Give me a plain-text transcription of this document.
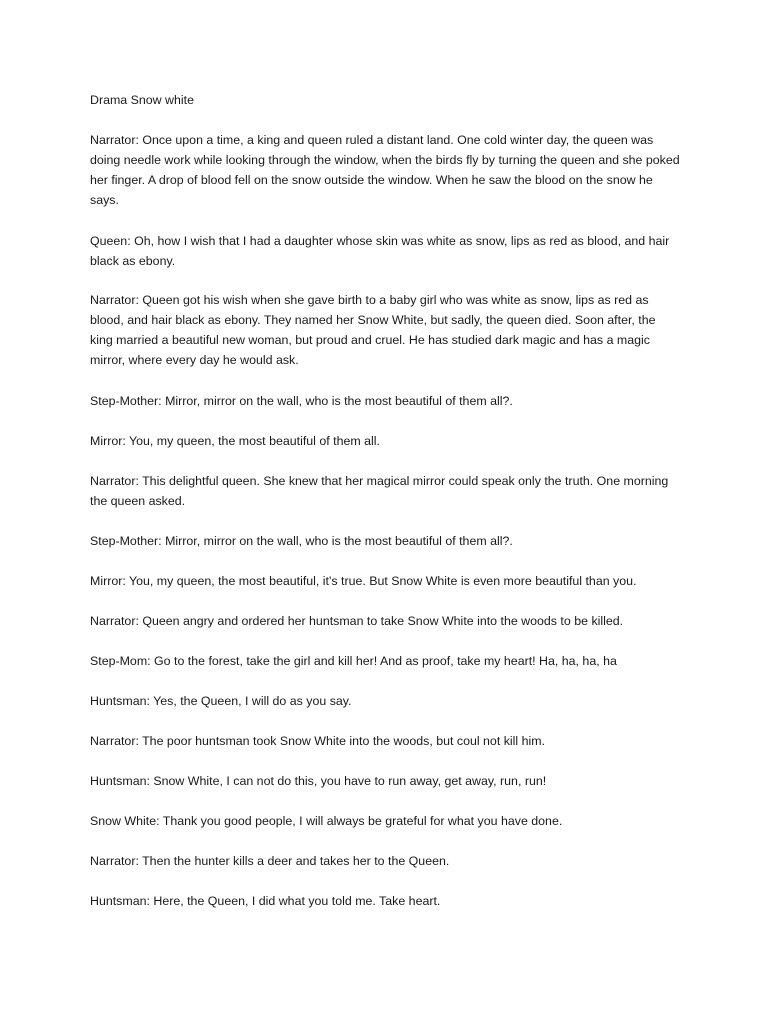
Drama Snow white

Narrator: Once upon a time, a king and queen ruled a distant land. One cold winter day, the queen was doing needle work while looking through the window, when the birds fly by turning the queen and she poked her finger. A drop of blood fell on the snow outside the window. When he saw the blood on the snow he says.

Queen: Oh, how I wish that I had a daughter whose skin was white as snow, lips as red as blood, and hair black as ebony.

Narrator: Queen got his wish when she gave birth to a baby girl who was white as snow, lips as red as blood, and hair black as ebony. They named her Snow White, but sadly, the queen died. Soon after, the king married a beautiful new woman, but proud and cruel. He has studied dark magic and has a magic mirror, where every day he would ask.

Step-Mother: Mirror, mirror on the wall, who is the most beautiful of them all?.

Mirror: You, my queen, the most beautiful of them all.

Narrator: This delightful queen. She knew that her magical mirror could speak only the truth. One morning the queen asked.

Step-Mother: Mirror, mirror on the wall, who is the most beautiful of them all?.

Mirror: You, my queen, the most beautiful, it's true. But Snow White is even more beautiful than you.

Narrator: Queen angry and ordered her huntsman to take Snow White into the woods to be killed.

Step-Mom: Go to the forest, take the girl and kill her! And as proof, take my heart! Ha, ha, ha, ha

Huntsman: Yes, the Queen, I will do as you say.

Narrator: The poor huntsman took Snow White into the woods, but coul not kill him.

Huntsman: Snow White, I can not do this, you have to run away, get away, run, run!

Snow White: Thank you good people, I will always be grateful for what you have done.

Narrator: Then the hunter kills a deer and takes her to the Queen.

Huntsman: Here, the Queen, I did what you told me. Take heart.
